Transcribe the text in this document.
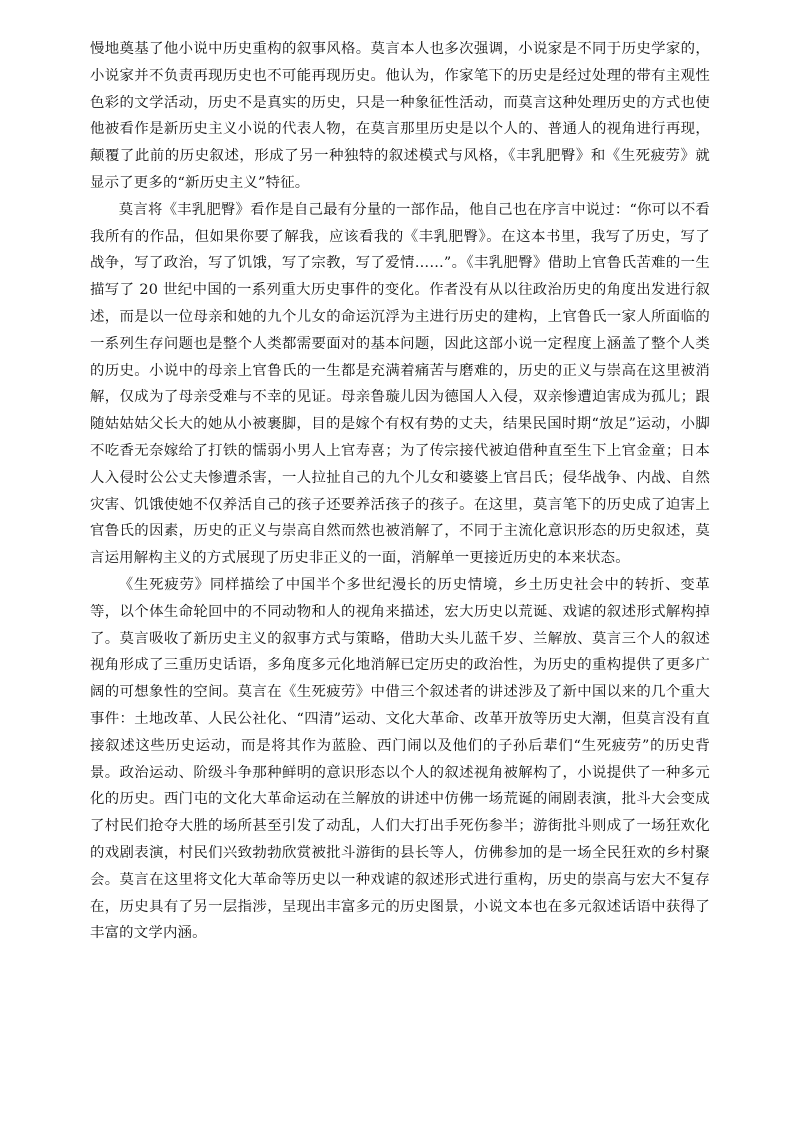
慢地奠基了他小说中历史重构的叙事风格。莫言本人也多次强调，小说家是不同于历史学家的，小说家并不负责再现历史也不可能再现历史。他认为，作家笔下的历史是经过处理的带有主观性色彩的文学活动，历史不是真实的历史，只是一种象征性活动，而莫言这种处理历史的方式也使他被看作是新历史主义小说的代表人物，在莫言那里历史是以个人的、普通人的视角进行再现，颠覆了此前的历史叙述，形成了另一种独特的叙述模式与风格，《丰乳肥臀》和《生死疲劳》就显示了更多的“新历史主义”特征。

莫言将《丰乳肥臀》看作是自己最有分量的一部作品，他自己也在序言中说过：“你可以不看我所有的作品，但如果你要了解我，应该看我的《丰乳肥臀》。在这本书里，我写了历史，写了战争，写了政治，写了饥饿，写了宗教，写了爱情……”。《丰乳肥臀》借助上官鲁氏苦难的一生描写了 20 世纪中国的一系列重大历史事件的变化。作者没有从以往政治历史的角度出发进行叙述，而是以一位母亲和她的九个儿女的命运沉浮为主进行历史的建构，上官鲁氏一家人所面临的一系列生存问题也是整个人类都需要面对的基本问题，因此这部小说一定程度上涵盖了整个人类的历史。小说中的母亲上官鲁氏的一生都是充满着痛苦与磨难的，历史的正义与崇高在这里被消解，仅成为了母亲受难与不幸的见证。母亲鲁璇儿因为德国人入侵，双亲惨遭迫害成为孤儿；跟随姑姑姑父长大的她从小被裹脚，目的是嫁个有权有势的丈夫，结果民国时期“放足”运动，小脚不吃香无奈嫁给了打铁的懦弱小男人上官寿喜；为了传宗接代被迫借种直至生下上官金童；日本人入侵时公公丈夫惨遭杀害，一人拉扯自己的九个儿女和婆婆上官吕氏；侵华战争、内战、自然灾害、饥饿使她不仅养活自己的孩子还要养活孩子的孩子。在这里，莫言笔下的历史成了迫害上官鲁氏的因素，历史的正义与崇高自然而然也被消解了，不同于主流化意识形态的历史叙述，莫言运用解构主义的方式展现了历史非正义的一面，消解单一更接近历史的本来状态。

《生死疲劳》同样描绘了中国半个多世纪漫长的历史情境，乡土历史社会中的转折、变革等，以个体生命轮回中的不同动物和人的视角来描述，宏大历史以荒诞、戏谑的叙述形式解构掉了。莫言吸收了新历史主义的叙事方式与策略，借助大头儿蓝千岁、兰解放、莫言三个人的叙述视角形成了三重历史话语，多角度多元化地消解已定历史的政治性，为历史的重构提供了更多广阔的可想象性的空间。莫言在《生死疲劳》中借三个叙述者的讲述涉及了新中国以来的几个重大事件：土地改革、人民公社化、“四清”运动、文化大革命、改革开放等历史大潮，但莫言没有直接叙述这些历史运动，而是将其作为蓝脸、西门闹以及他们的子孙后辈们“生死疲劳”的历史背景。政治运动、阶级斗争那种鲜明的意识形态以个人的叙述视角被解构了，小说提供了一种多元化的历史。西门屯的文化大革命运动在兰解放的讲述中仿佛一场荒诞的闹剧表演，批斗大会变成了村民们抢夺大胜的场所甚至引发了动乱，人们大打出手死伤参半；游街批斗则成了一场狂欢化的戏剧表演，村民们兴致勃勃欣赏被批斗游街的县长等人，仿佛参加的是一场全民狂欢的乡村聚会。莫言在这里将文化大革命等历史以一种戏谑的叙述形式进行重构，历史的崇高与宏大不复存在，历史具有了另一层指涉，呈现出丰富多元的历史图景，小说文本也在多元叙述话语中获得了丰富的文学内涵。
